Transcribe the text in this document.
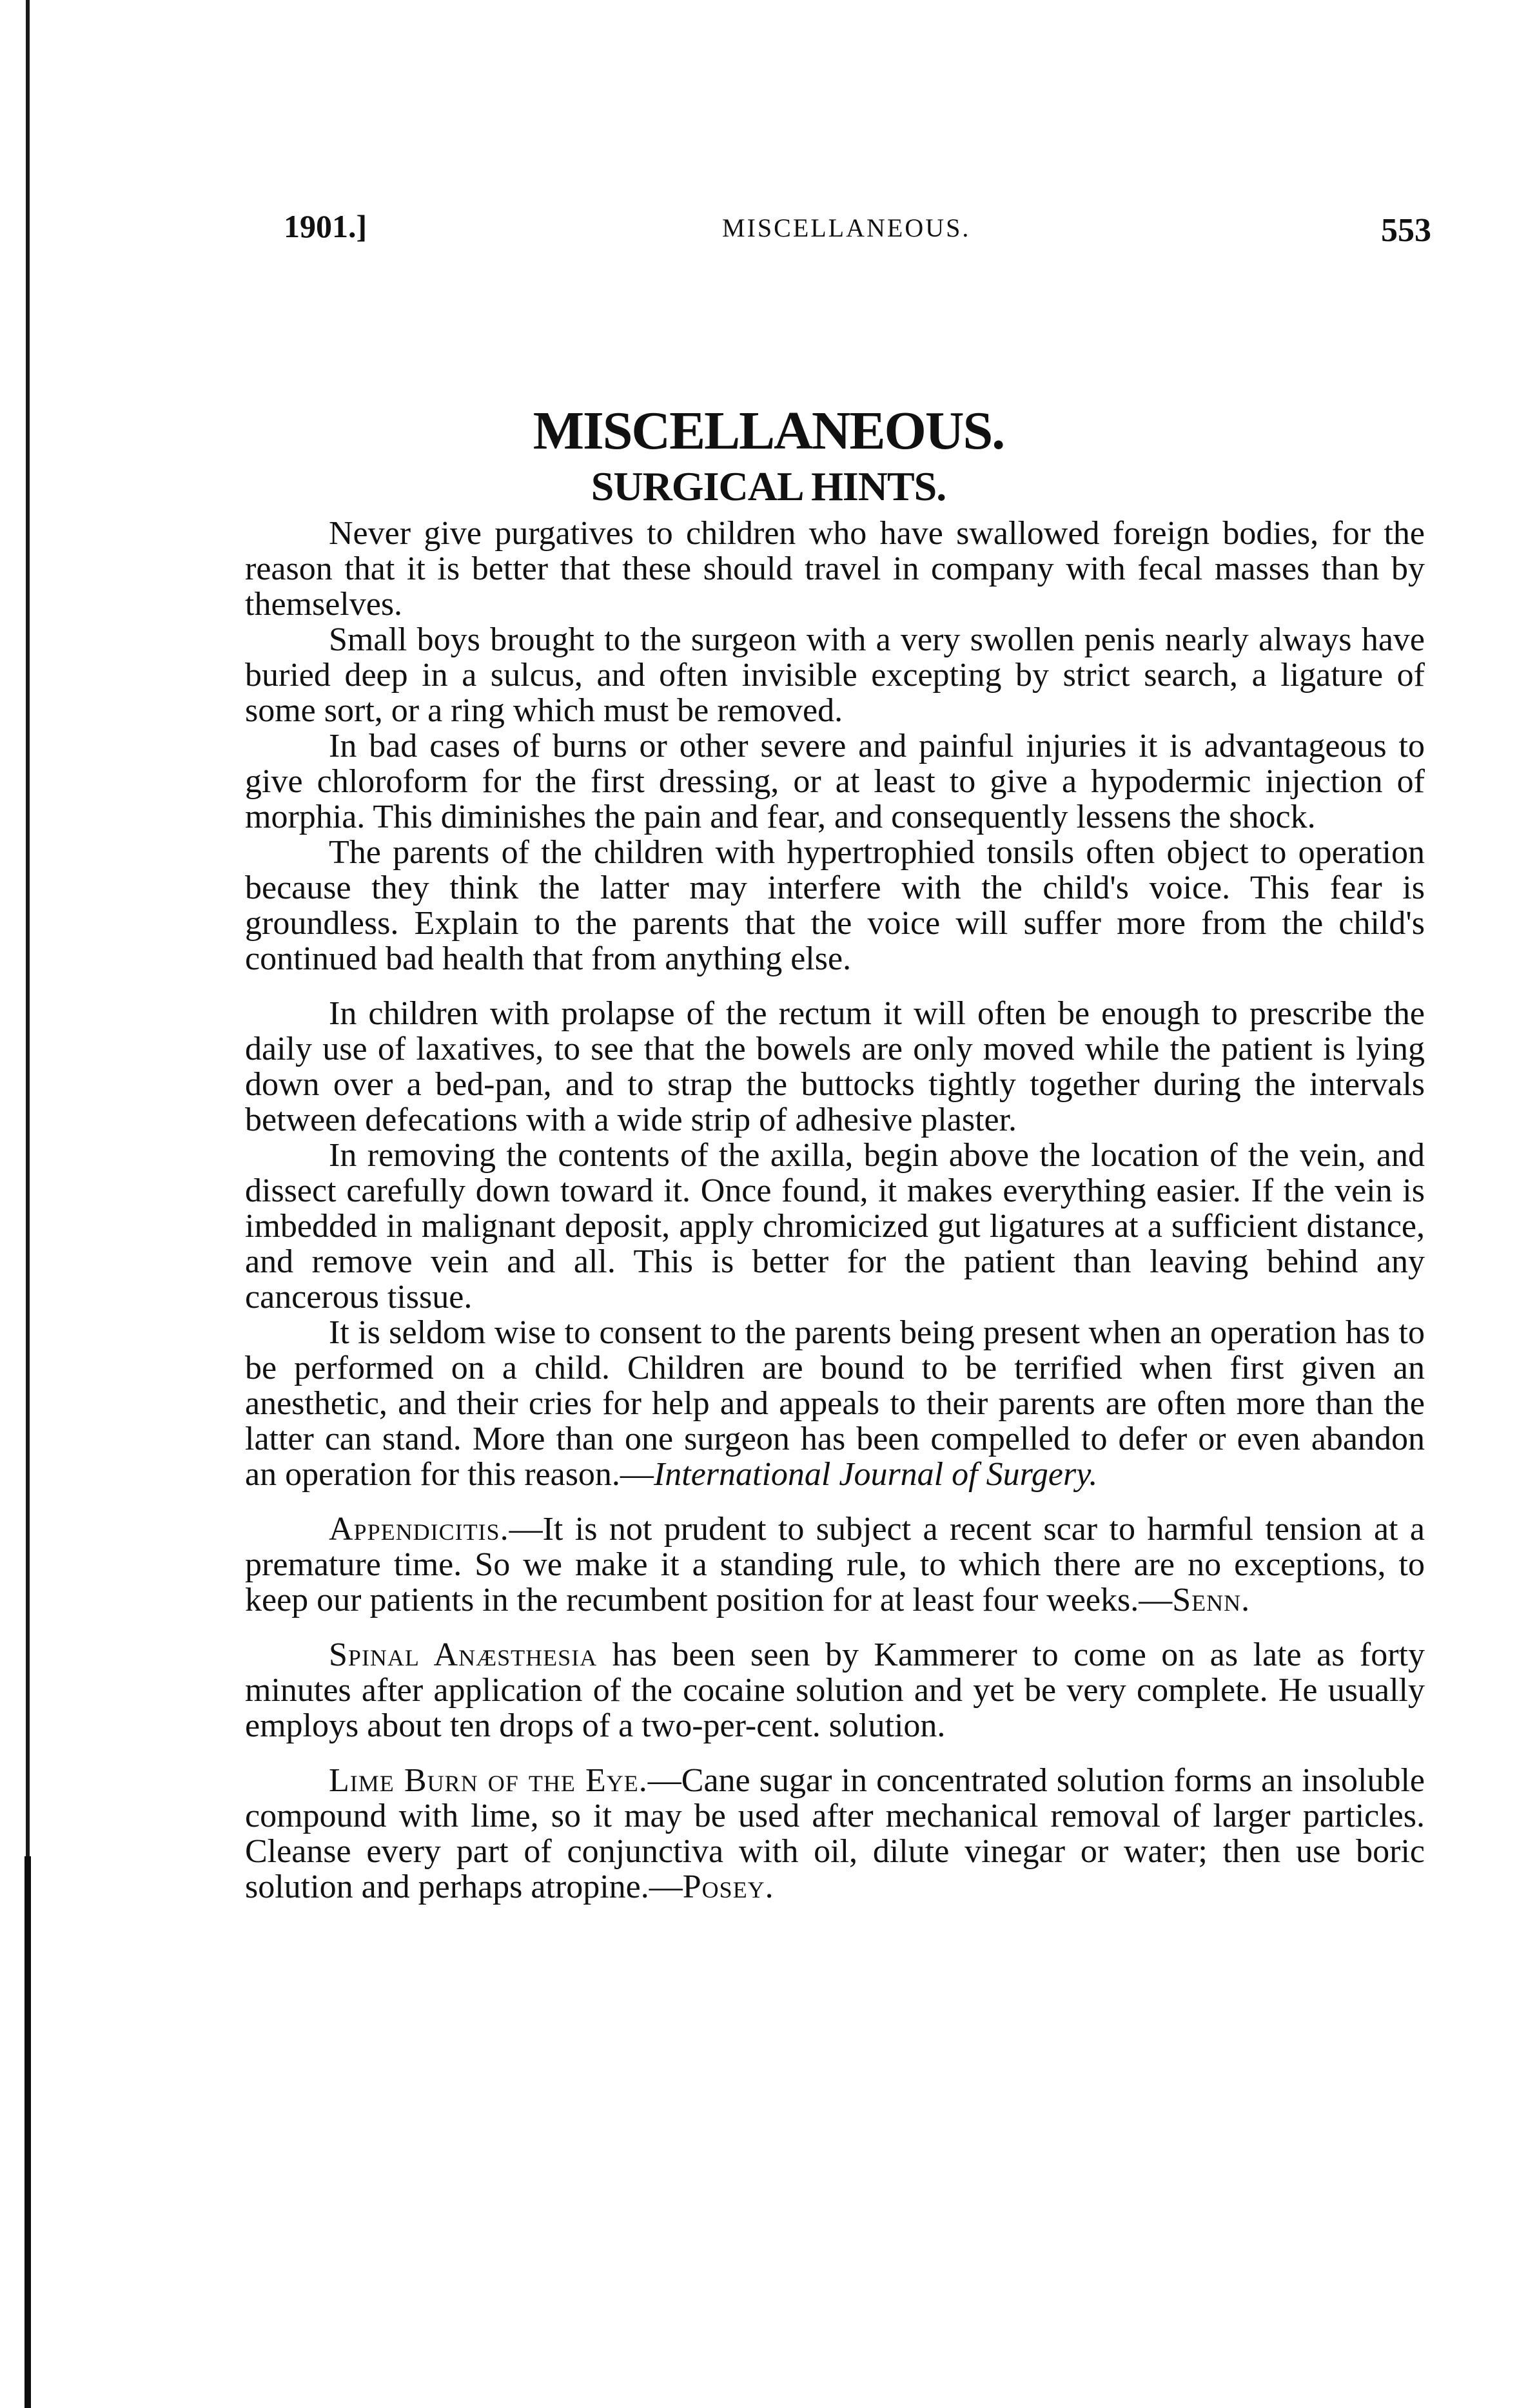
1901.]	MISCELLANEOUS.	553
MISCELLANEOUS.
SURGICAL HINTS.

Never give purgatives to children who have swallowed foreign bodies, for the reason that it is better that these should travel in company with fecal masses than by themselves.

Small boys brought to the surgeon with a very swollen penis nearly always have buried deep in a sulcus, and often invisible excepting by strict search, a ligature of some sort, or a ring which must be removed.

In bad cases of burns or other severe and painful injuries it is advantageous to give chloroform for the first dressing, or at least to give a hypodermic injection of morphia. This diminishes the pain and fear, and consequently lessens the shock.

The parents of the children with hypertrophied tonsils often object to operation because they think the latter may interfere with the child's voice. This fear is groundless. Explain to the parents that the voice will suffer more from the child's continued bad health that from anything else.

In children with prolapse of the rectum it will often be enough to prescribe the daily use of laxatives, to see that the bowels are only moved while the patient is lying down over a bed-pan, and to strap the buttocks tightly together during the intervals between defecations with a wide strip of adhesive plaster.

In removing the contents of the axilla, begin above the location of the vein, and dissect carefully down toward it. Once found, it makes everything easier. If the vein is imbedded in malignant deposit, apply chromicized gut ligatures at a sufficient distance, and remove vein and all. This is better for the patient than leaving behind any cancerous tissue.

It is seldom wise to consent to the parents being present when an operation has to be performed on a child. Children are bound to be terrified when first given an anesthetic, and their cries for help and appeals to their parents are often more than the latter can stand. More than one surgeon has been compelled to defer or even abandon an operation for this reason.—International Journal of Surgery.

Appendicitis.—It is not prudent to subject a recent scar to harmful tension at a premature time. So we make it a standing rule, to which there are no exceptions, to keep our patients in the recumbent position for at least four weeks.—Senn.

Spinal Anæsthesia has been seen by Kammerer to come on as late as forty minutes after application of the cocaine solution and yet be very complete. He usually employs about ten drops of a two-per-cent. solution.

Lime Burn of the Eye.—Cane sugar in concentrated solution forms an insoluble compound with lime, so it may be used after mechanical removal of larger particles. Cleanse every part of conjunctiva with oil, dilute vinegar or water; then use boric solution and perhaps atropine.—Posey.
